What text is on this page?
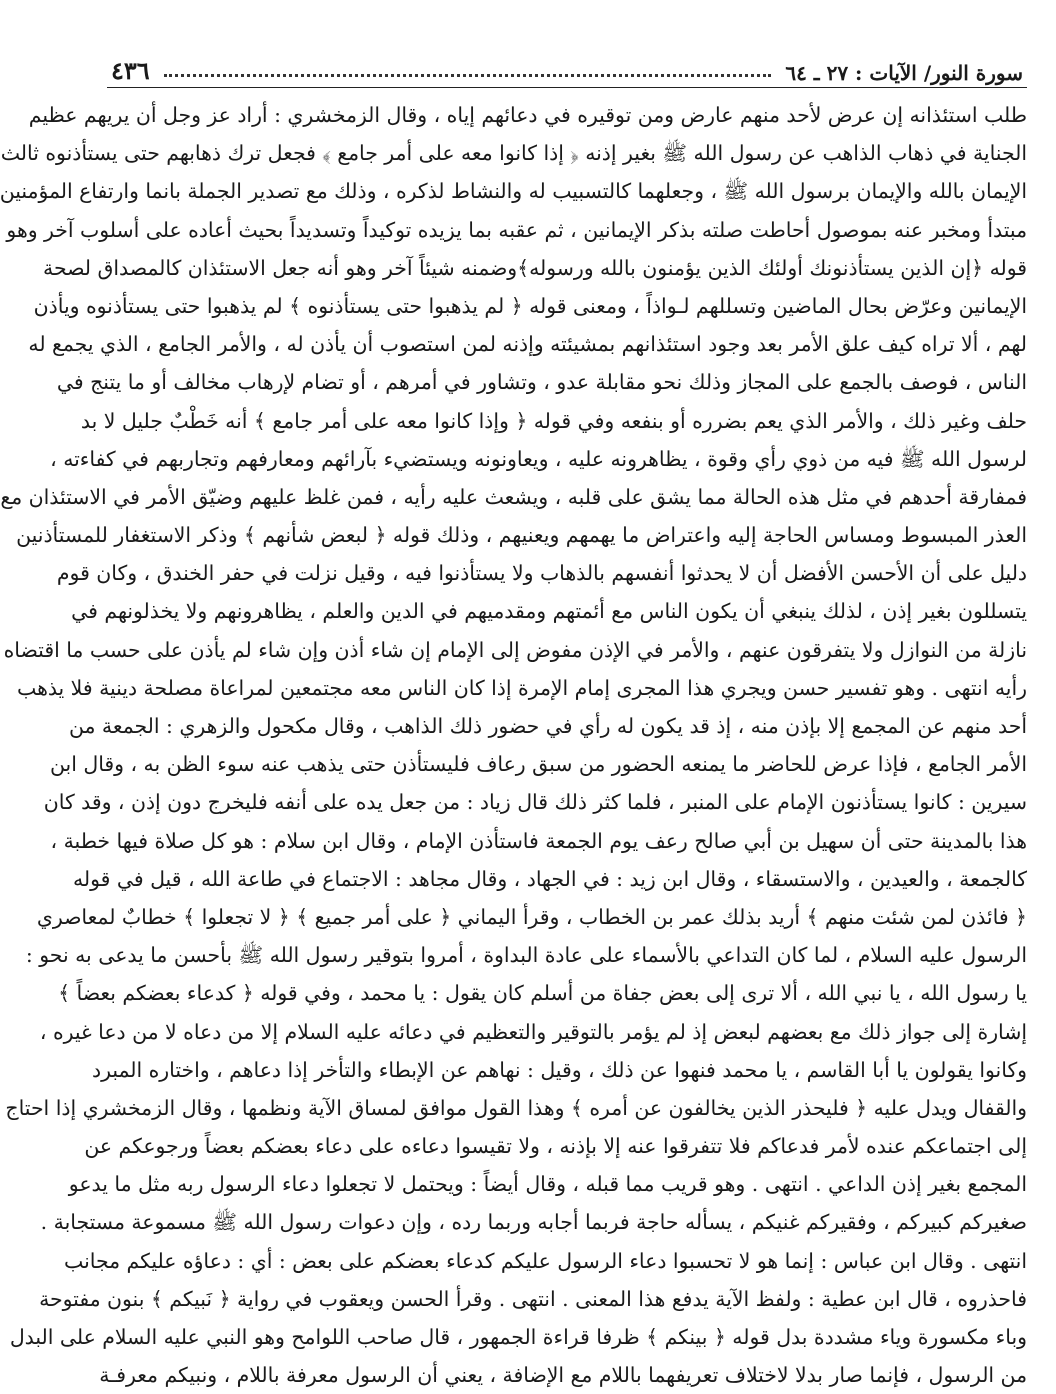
سورة النور/ الآيات : ٢٧ ـ ٦٤
٤٣٦
طلب استئذانه إن عرض لأحد منهم عارض ومن توقيره في دعائهم إياه ، وقال الزمخشري : أراد عز وجل أن يريهم عظيم
الجناية في ذهاب الذاهب عن رسول الله ﷺ بغير إذنه ﴿ إذا كانوا معه على أمر جامع ﴾ فجعل ترك ذهابهم حتى يستأذنوه ثالث
الإيمان بالله والإيمان برسول الله ﷺ ، وجعلهما كالتسبيب له والنشاط لذكره ، وذلك مع تصدير الجملة بانما وارتفاع المؤمنين
مبتدأ ومخبر عنه بموصول أحاطت صلته بذكر الإيمانين ، ثم عقبه بما يزيده توكيداً وتسديداً بحيث أعاده على أسلوب آخر وهو
قوله ﴿إن الذين يستأذنونك أولئك الذين يؤمنون بالله ورسوله﴾وضمنه شيئاً آخر وهو أنه جعل الاستئذان كالمصداق لصحة
الإيمانين وعرّض بحال الماضين وتسللهم لـواذاً ، ومعنى قوله ﴿ لم يذهبوا حتى يستأذنوه ﴾ لم يذهبوا حتى يستأذنوه ويأذن
لهم ، ألا تراه كيف علق الأمر بعد وجود استئذانهم بمشيئته وإذنه لمن استصوب أن يأذن له ، والأمر الجامع ، الذي يجمع له
الناس ، فوصف بالجمع على المجاز وذلك نحو مقابلة عدو ، وتشاور في أمرهم ، أو تضام لإرهاب مخالف أو ما يتنج في
حلف وغير ذلك ، والأمر الذي يعم بضرره أو بنفعه وفي قوله ﴿ وإذا كانوا معه على أمر جامع ﴾ أنه خَطْبٌ جليل لا بد
لرسول الله ﷺ فيه من ذوي رأي وقوة ، يظاهرونه عليه ، ويعاونونه ويستضيء بآرائهم ومعارفهم وتجاربهم في كفاءته ،
فمفارقة أحدهم في مثل هذه الحالة مما يشق على قلبه ، ويشعث عليه رأيه ، فمن غلظ عليهم وضيّق الأمر في الاستئذان مع
العذر المبسوط ومساس الحاجة إليه واعتراض ما يهمهم ويعنيهم ، وذلك قوله ﴿ لبعض شأنهم ﴾ وذكر الاستغفار للمستأذنين
دليل على أن الأحسن الأفضل أن لا يحدثوا أنفسهم بالذهاب ولا يستأذنوا فيه ، وقيل نزلت في حفر الخندق ، وكان قوم
يتسللون بغير إذن ، لذلك ينبغي أن يكون الناس مع أئمتهم ومقدميهم في الدين والعلم ، يظاهرونهم ولا يخذلونهم في
نازلة من النوازل ولا يتفرقون عنهم ، والأمر في الإذن مفوض إلى الإمام إن شاء أذن وإن شاء لم يأذن على حسب ما اقتضاه
رأيه انتهى . وهو تفسير حسن ويجري هذا المجرى إمام الإمرة إذا كان الناس معه مجتمعين لمراعاة مصلحة دينية فلا يذهب
أحد منهم عن المجمع إلا بإذن منه ، إذ قد يكون له رأي في حضور ذلك الذاهب ، وقال مكحول والزهري : الجمعة من
الأمر الجامع ، فإذا عرض للحاضر ما يمنعه الحضور من سبق رعاف فليستأذن حتى يذهب عنه سوء الظن به ، وقال ابن
سيرين : كانوا يستأذنون الإمام على المنبر ، فلما كثر ذلك قال زياد : من جعل يده على أنفه فليخرج دون إذن ، وقد كان
هذا بالمدينة حتى أن سهيل بن أبي صالح رعف يوم الجمعة فاستأذن الإمام ، وقال ابن سلام : هو كل صلاة فيها خطبة ،
كالجمعة ، والعيدين ، والاستسقاء ، وقال ابن زيد : في الجهاد ، وقال مجاهد : الاجتماع في طاعة الله ، قيل في قوله
﴿ فائذن لمن شئت منهم ﴾ أريد بذلك عمر بن الخطاب ، وقرأ اليماني ﴿ على أمر جميع ﴾ ﴿ لا تجعلوا ﴾ خطابٌ لمعاصري
الرسول عليه السلام ، لما كان التداعي بالأسماء على عادة البداوة ، أمروا بتوقير رسول الله ﷺ بأحسن ما يدعى به نحو :
يا رسول الله ، يا نبي الله ، ألا ترى إلى بعض جفاة من أسلم كان يقول : يا محمد ، وفي قوله ﴿ كدعاء بعضكم بعضاً ﴾
إشارة إلى جواز ذلك مع بعضهم لبعض إذ لم يؤمر بالتوقير والتعظيم في دعائه عليه السلام إلا من دعاه لا من دعا غيره ،
وكانوا يقولون يا أبا القاسم ، يا محمد فنهوا عن ذلك ، وقيل : نهاهم عن الإبطاء والتأخر إذا دعاهم ، واختاره المبرد
والقفال ويدل عليه ﴿ فليحذر الذين يخالفون عن أمره ﴾ وهذا القول موافق لمساق الآية ونظمها ، وقال الزمخشري إذا احتاج
إلى اجتماعكم عنده لأمر فدعاكم فلا تتفرقوا عنه إلا بإذنه ، ولا تقيسوا دعاءه على دعاء بعضكم بعضاً ورجوعكم عن
المجمع بغير إذن الداعي . انتهى . وهو قريب مما قبله ، وقال أيضاً : ويحتمل لا تجعلوا دعاء الرسول ربه مثل ما يدعو
صغيركم كبيركم ، وفقيركم غنيكم ، يسأله حاجة فربما أجابه وربما رده ، وإن دعوات رسول الله ﷺ مسموعة مستجابة .
انتهى . وقال ابن عباس : إنما هو لا تحسبوا دعاء الرسول عليكم كدعاء بعضكم على بعض : أي : دعاؤه عليكم مجانب
فاحذروه ، قال ابن عطية : ولفظ الآية يدفع هذا المعنى . انتهى . وقرأ الحسن ويعقوب في رواية ﴿ نَبيكم ﴾ بنون مفتوحة
وباء مكسورة وياء مشددة بدل قوله ﴿ بينكم ﴾ ظرفا قراءة الجمهور ، قال صاحب اللوامح وهو النبي عليه السلام على البدل
من الرسول ، فإنما صار بدلا لاختلاف تعريفهما باللام مع الإضافة ، يعني أن الرسول معرفة باللام ، ونبيكم معرفـة
